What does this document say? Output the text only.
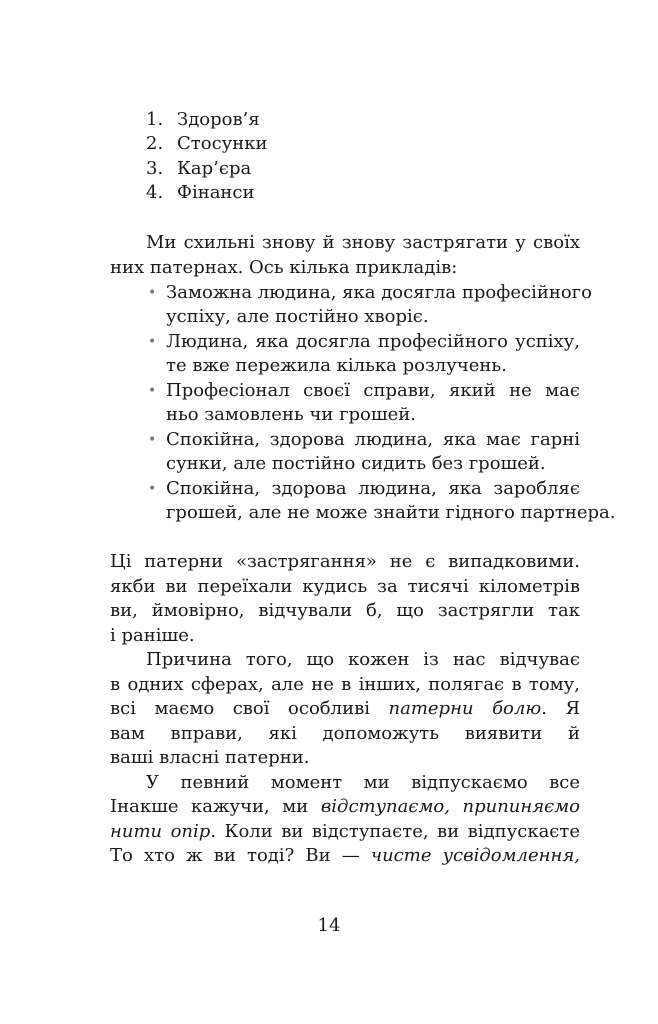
1. Здоров’я
2. Стосунки
3. Кар’єра
4. Фінанси
Ми схильні знову й знову застрягати у своїх
них патернах. Ось кілька прикладів:
• Заможна людина, яка досягла професійного
успіху, але постійно хворіє.
• Людина, яка досягла професійного успіху,
те вже пережила кілька розлучень.
• Професіонал своєї справи, який не має
ньо замовлень чи грошей.
• Спокійна, здорова людина, яка має гарні
сунки, але постійно сидить без грошей.
• Спокійна, здорова людина, яка заробляє
грошей, але не може знайти гідного партнера.
Ці патерни «застрягання» не є випадковими.
якби ви переїхали кудись за тисячі кілометрів
ви, ймовірно, відчували б, що застрягли так
і раніше.
Причина того, що кожен із нас відчуває
в одних сферах, але не в інших, полягає в тому,
всі маємо свої особливі патерни болю. Я
вам вправи, які допоможуть виявити й
ваші власні патерни.
У певний момент ми відпускаємо все
Інакше кажучи, ми відступаємо, припиняємо
нити опір. Коли ви відступаєте, ви відпускаєте
То хто ж ви тоді? Ви — чисте усвідомлення,
14
